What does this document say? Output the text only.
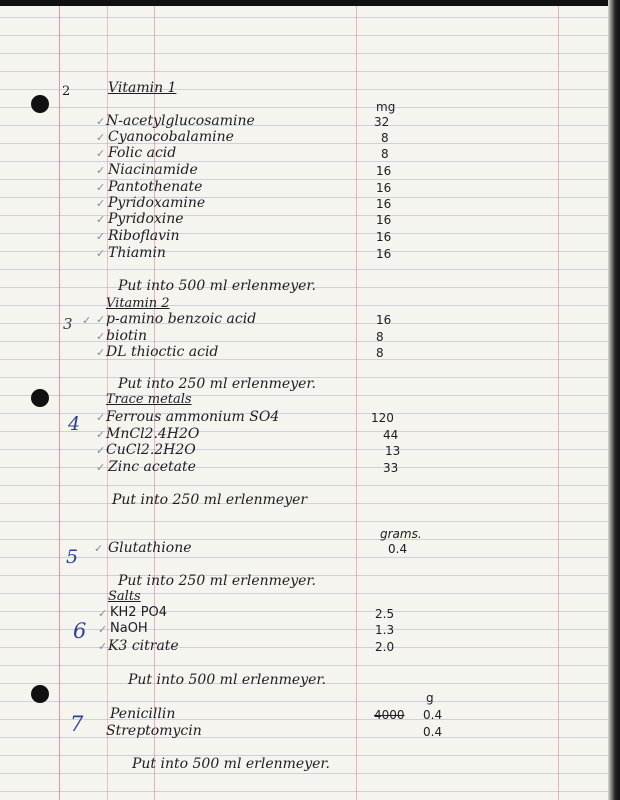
2	Vitamin 1
mg
✓ N-acetylglucosamine	32
✓ Cyanocobalamine	8
✓ Folic acid	8
✓ Niacinamide	16
✓ Pantothenate	16
✓ Pyridoxamine	16
✓ Pyridoxine	16
✓ Riboflavin	16
✓ Thiamin	16
Put into 500 ml erlenmeyer.
Vitamin 2
3 ✓ ✓ p-amino benzoic acid	16
✓ biotin	8
✓ DL thioctic acid	8
Put into 250 ml erlenmeyer.
Trace metals
4 ✓ Ferrous ammonium SO4	120
✓ MnCl2.4H2O	44
✓ CuCl2.2H2O	13
✓ Zinc acetate	33
Put into 250 ml erlenmeyer
grams.
5 ✓ Glutathione	0.4
Put into 250 ml erlenmeyer.
Salts
6
✓ KH2 PO4	2.5
✓ NaOH	1.3
✓ K3 citrate	2.0
Put into 500 ml erlenmeyer.
g
7 Penicillin	4000 0.4
Streptomycin	0.4
Put into 500 ml erlenmeyer.
